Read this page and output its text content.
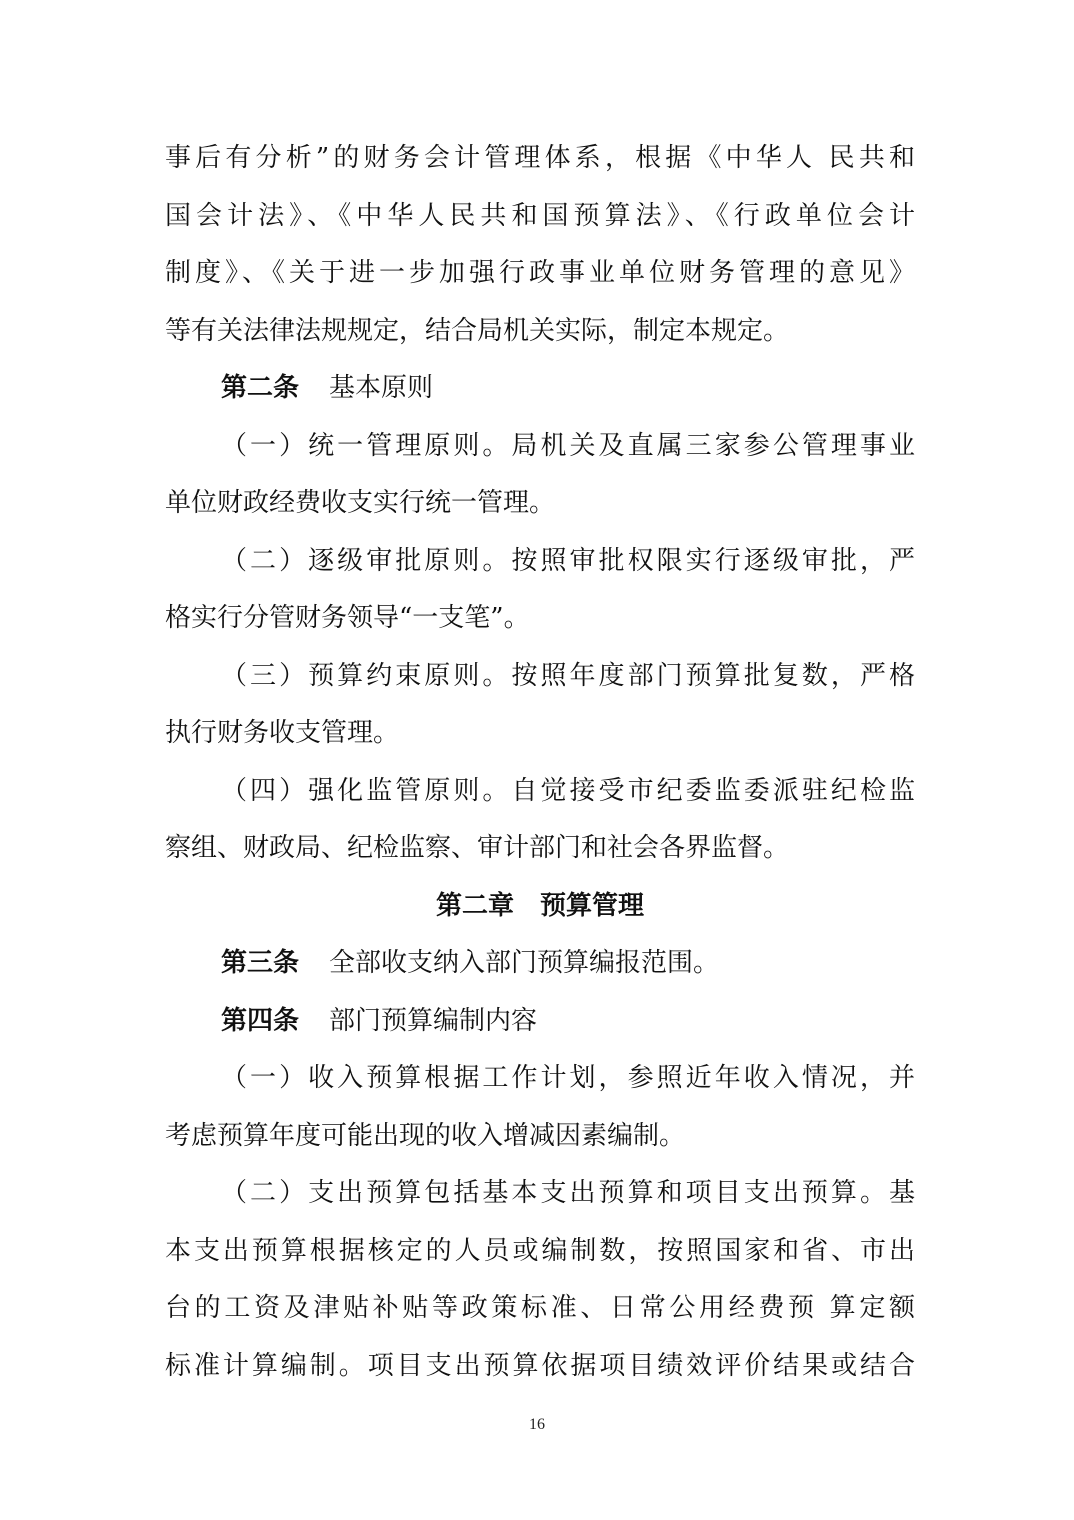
事后有分析”的财务会计管理体系，根据《中华人 民共和

国会计法》、《中华人民共和国预算法》、《行政单位会计

制度》、《关于进一步加强行政事业单位财务管理的意见》

等有关法律法规规定，结合局机关实际，制定本规定。

第二条 基本原则

（一）统一管理原则。局机关及直属三家参公管理事业

单位财政经费收支实行统一管理。

（二）逐级审批原则。按照审批权限实行逐级审批，严

格实行分管财务领导“一支笔”。

（三）预算约束原则。按照年度部门预算批复数，严格

执行财务收支管理。

（四）强化监管原则。自觉接受市纪委监委派驻纪检监

察组、财政局、纪检监察、审计部门和社会各界监督。

第二章　预算管理

第三条 全部收支纳入部门预算编报范围。

第四条 部门预算编制内容

（一）收入预算根据工作计划，参照近年收入情况，并

考虑预算年度可能出现的收入增减因素编制。

（二）支出预算包括基本支出预算和项目支出预算。基

本支出预算根据核定的人员或编制数，按照国家和省、市出

台的工资及津贴补贴等政策标准、日常公用经费预 算定额

标准计算编制。项目支出预算依据项目绩效评价结果或结合

16
